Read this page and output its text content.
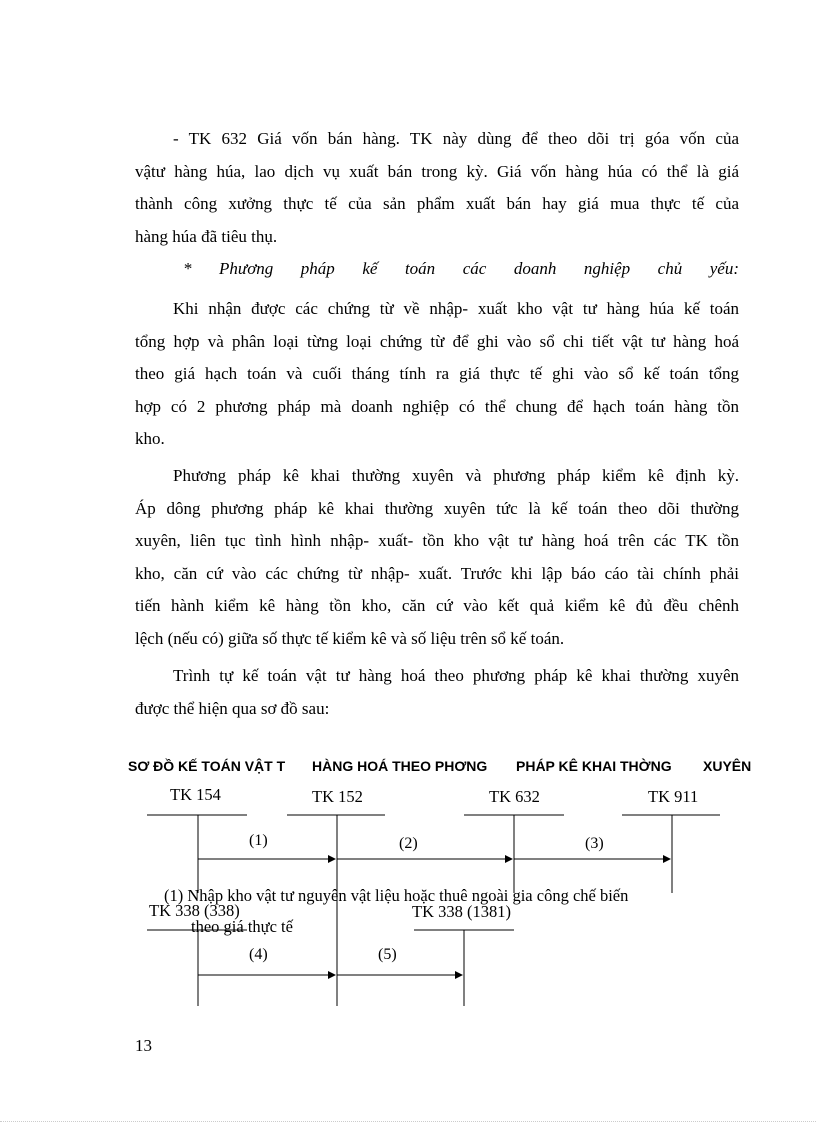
- TK 632 Giá vốn bán hàng. TK này dùng để theo dõi trị góa vốn của
vậtư hàng húa, lao dịch vụ xuất bán trong kỳ. Giá vốn hàng húa có thể là giá
thành công xưởng thực tế của sản phẩm xuất bán hay giá mua thực tế của
hàng húa đã tiêu thụ.
* Phương pháp kế toán các doanh nghiệp chủ yếu:
Khi nhận được các chứng từ về nhập- xuất kho vật tư hàng húa kế toán
tổng hợp và phân loại từng loại chứng từ để ghi vào sổ chi tiết vật tư hàng hoá
theo giá hạch toán và cuối tháng tính ra giá thực tế ghi vào sổ kế toán tổng
hợp có 2 phương pháp mà doanh nghiệp có thể chung để hạch toán hàng tồn
kho.
Phương pháp kê khai thường xuyên và phương pháp kiểm kê định kỳ.
Áp dông phương pháp kê khai thường xuyên tức là kế toán theo dõi thường
xuyên, liên tục tình hình nhập- xuất- tồn kho vật tư hàng hoá trên các TK tồn
kho, căn cứ vào các chứng từ nhập- xuất. Trước khi lập báo cáo tài chính phải
tiến hành kiểm kê hàng tồn kho, căn cứ vào kết quả kiểm kê đủ đều chênh
lệch (nếu có) giữa số thực tế kiểm kê và số liệu trên sổ kế toán.
Trình tự kế toán vật tư hàng hoá theo phương pháp kê khai thường xuyên
được thể hiện qua sơ đồ sau:
SƠ ĐỒ KẾ TOÁN VẬT T HÀNG HOÁ THEO PHƠNG PHÁP KÊ KHAI THỜNG XUYÊN
TK 154	TK 152	TK 632	TK 911
(1)	(2)	(3)
(1) Nhập kho vật tư nguyên vật liệu hoặc thuê ngoài gia công chế biến
theo giá thực tế
TK 338 (338)	TK 338 (1381)
(4)	(5)
13
